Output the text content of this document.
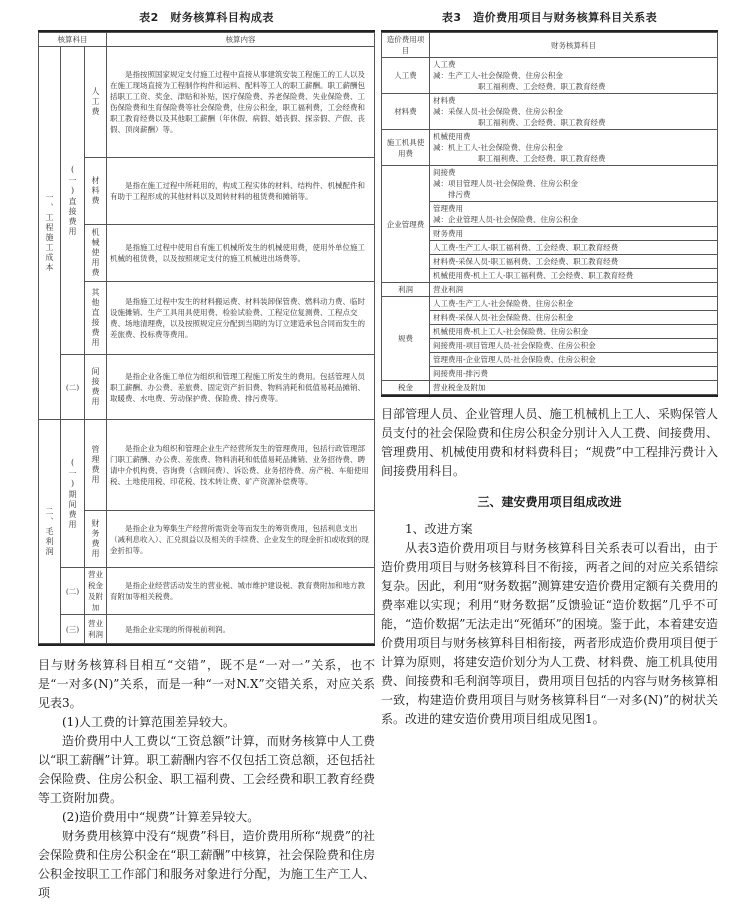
表2　财务核算科目构成表
核算科目			核算内容
一、工程施工成本	(一)直接费用	人工费	是指按照国家规定支付施工过程中直接从事建筑安装工程施工的工人以及在施工现场直接为工程制作构件和运料、配料等工人的职工薪酬。职工薪酬包括职工工资、奖金、津贴和补贴，医疗保险费、养老保险费、失业保险费、工伤保险费和生育保险费等社会保险费，住房公积金，职工福利费，工会经费和职工教育经费以及其他职工薪酬（年休假、病假、婚丧假、探亲假、产假、丧假、顶岗薪酬）等。
		材料费	是指在施工过程中所耗用的，构成工程实体的材料、结构件、机械配件和有助于工程形成的其他材料以及周转材料的租赁费和摊销等。
		机械使用费	是指施工过程中使用自有施工机械所发生的机械使用费，使用外单位施工机械的租赁费，以及按照规定支付的施工机械进出场费等。
		其他直接费用	是指施工过程中发生的材料搬运费、材料装卸保管费、燃料动力费、临时设施摊销、生产工具用具使用费、检验试验费、工程定位复测费、工程点交费、场地清理费，以及按照规定应分配到当期的为订立建造承包合同而发生的差旅费、投标费等费用。
	(二)	间接费用	是指企业各施工单位为组织和管理工程施工所发生的费用。包括管理人员职工薪酬、办公费、差旅费、固定资产折旧费、物料消耗和低值易耗品摊销、取暖费、水电费、劳动保护费、保险费、排污费等。
二、毛利润	(一)期间费用	管理费用	是指企业为组织和管理企业生产经营所发生的管理费用，包括行政管理部门职工薪酬、办公费、差旅费、物料消耗和低值易耗品摊销、业务招待费、聘请中介机构费、咨询费（含顾问费）、诉讼费、业务招待费、房产税、车船使用税、土地使用税、印花税、技术转让费、矿产资源补偿费等。
		财务费用	是指企业为筹集生产经营所需资金等而发生的筹资费用，包括利息支出（减利息收入）、汇兑损益以及相关的手续费、企业发生的现金折扣或收到的现金折扣等。
	(二)	营业税金及附加	是指企业经营活动发生的营业税、城市维护建设税、教育费附加和地方教育附加等相关税费。
	(三)	营业利润	是指企业实现的所得税前利润。

目与财务核算科目相互“交错”，既不是“一对一”关系，也不是“一对多(N)”关系，而是一种“一对N.X”交错关系，对应关系见表3。

(1)人工费的计算范围差异较大。

造价费用中人工费以“工资总额”计算，而财务核算中人工费以“职工薪酬”计算。职工薪酬内容不仅包括工资总额，还包括社会保险费、住房公积金、职工福利费、工会经费和职工教育经费等工资附加费。

(2)造价费用中“规费”计算差异较大。

财务费用核算中没有“规费”科目，造价费用所称“规费”的社会保险费和住房公积金在“职工薪酬”中核算，社会保险费和住房公积金按职工工作部门和服务对象进行分配，为施工生产工人、项

表3　造价费用项目与财务核算科目关系表
造价费用项目	财务核算科目
人工费	人工费
减：生产工人-社会保险费、住房公积金
　　　　　　职工福利费、工会经费、职工教育经费

材料费	材料费
减：采保人员-社会保险费、住房公积金
　　　　　　职工福利费、工会经费、职工教育经费

施工机具使用费	机械使用费
减：机上工人-社会保险费、住房公积金
　　　　　　职工福利费、工会经费、职工教育经费

企业管理费	间接费
减：项目管理人员-社会保险费、住房公积金
　　排污费

	管理费用
减：企业管理人员-社会保险费、住房公积金

	财务费用
	人工费-生产工人-职工福利费、工会经费、职工教育经费
	材料费-采保人员-职工福利费、工会经费、职工教育经费
	机械使用费-机上工人-职工福利费、工会经费、职工教育经费
利润	营业利润
规费	人工费-生产工人-社会保险费、住房公积金
	材料费-采保人员-社会保险费、住房公积金
	机械使用费-机上工人-社会保险费、住房公积金
	间接费用-项目管理人员-社会保险费、住房公积金
	管理费用-企业管理人员-社会保险费、住房公积金
	间接费用-排污费
税金	营业税金及附加

目部管理人员、企业管理人员、施工机械机上工人、采购保管人员支付的社会保险费和住房公积金分别计入人工费、间接费用、管理费用、机械使用费和材料费科目；“规费”中工程排污费计入间接费用科目。

三、建安费用项目组成改进

1、改进方案

从表3造价费用项目与财务核算科目关系表可以看出，由于造价费用项目与财务核算科目不衔接，两者之间的对应关系错综复杂。因此，利用“财务数据”测算建安造价费用定额有关费用的费率难以实现；利用“财务数据”反馈验证“造价数据”几乎不可能，“造价数据”无法走出“死循环”的困境。鉴于此，本着建安造价费用项目与财务核算科目相衔接，两者形成造价费用项目便于计算为原则，将建安造价划分为人工费、材料费、施工机具使用费、间接费和毛利润等项目，费用项目包括的内容与财务核算相一致，构建造价费用项目与财务核算科目“一对多(N)”的树状关系。改进的建安造价费用项目组成见图1。
